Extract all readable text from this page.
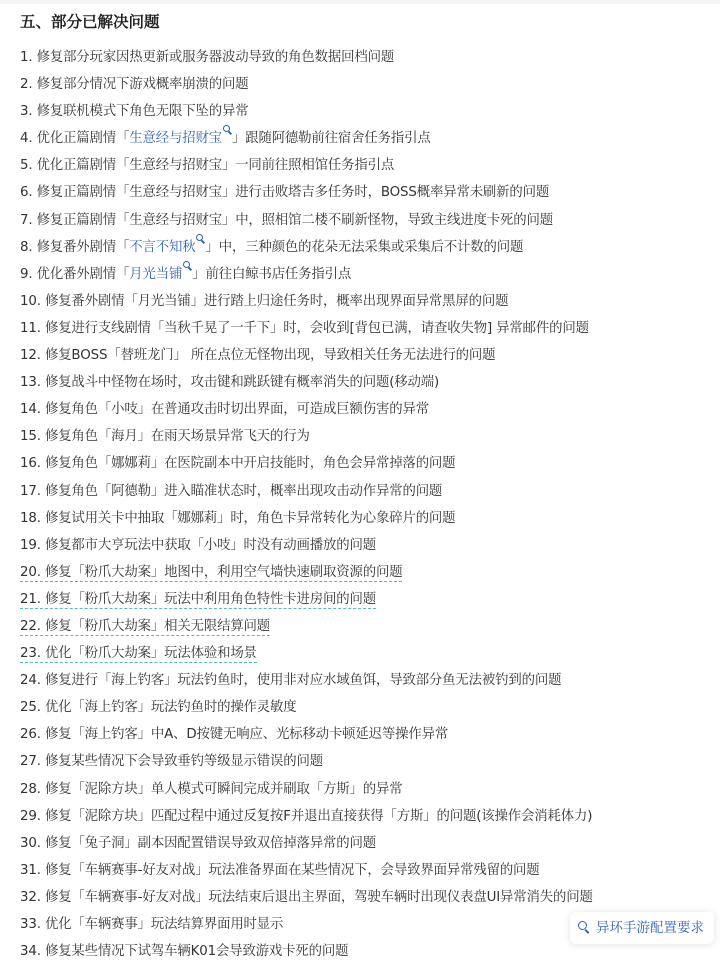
五、部分已解决问题
1. 修复部分玩家因热更新或服务器波动导致的角色数据回档问题
2. 修复部分情况下游戏概率崩溃的问题
3. 修复联机模式下角色无限下坠的异常
4. 优化正篇剧情「生意经与招财宝 」跟随阿德勒前往宿舍任务指引点
5. 优化正篇剧情「生意经与招财宝」一同前往照相馆任务指引点
6. 修复正篇剧情「生意经与招财宝」进行击败塔吉多任务时，BOSS概率异常未刷新的问题
7. 修复正篇剧情「生意经与招财宝」中，照相馆二楼不刷新怪物，导致主线进度卡死的问题
8. 修复番外剧情「不言不知秋 」中，三种颜色的花朵无法采集或采集后不计数的问题
9. 优化番外剧情「月光当铺 」前往白鲸书店任务指引点
10. 修复番外剧情「月光当铺」进行踏上归途任务时，概率出现界面异常黑屏的问题
11. 修复进行支线剧情「当秋千晃了一千下」时，会收到[背包已满，请查收失物] 异常邮件的问题
12. 修复BOSS「替班龙门」 所在点位无怪物出现，导致相关任务无法进行的问题
13. 修复战斗中怪物在场时，攻击键和跳跃键有概率消失的问题(移动端)
14. 修复角色「小吱」在普通攻击时切出界面，可造成巨额伤害的异常
15. 修复角色「海月」在雨天场景异常飞天的行为
16. 修复角色「娜娜莉」在医院副本中开启技能时，角色会异常掉落的问题
17. 修复角色「阿德勒」进入瞄准状态时，概率出现攻击动作异常的问题
18. 修复试用关卡中抽取「娜娜莉」时，角色卡异常转化为心象碎片的问题
19. 修复都市大亨玩法中获取「小吱」时没有动画播放的问题
20. 修复「粉爪大劫案」地图中，利用空气墙快速刷取资源的问题
21. 修复「粉爪大劫案」玩法中利用角色特性卡进房间的问题
22. 修复「粉爪大劫案」相关无限结算问题
23. 优化「粉爪大劫案」玩法体验和场景
24. 修复进行「海上钓客」玩法钓鱼时，使用非对应水域鱼饵，导致部分鱼无法被钓到的问题
25. 优化「海上钓客」玩法钓鱼时的操作灵敏度
26. 修复「海上钓客」中A、D按键无响应、光标移动卡顿延迟等操作异常
27. 修复某些情况下会导致垂钓等级显示错误的问题
28. 修复「泥除方块」单人模式可瞬间完成并刷取「方斯」的异常
29. 修复「泥除方块」匹配过程中通过反复按F并退出直接获得「方斯」的问题(该操作会消耗体力)
30. 修复「兔子洞」副本因配置错误导致双倍掉落异常的问题
31. 修复「车辆赛事-好友对战」玩法准备界面在某些情况下，会导致界面异常残留的问题
32. 修复「车辆赛事-好友对战」玩法结束后退出主界面，驾驶车辆时出现仪表盘UI异常消失的问题
33. 优化「车辆赛事」玩法结算界面用时显示
34. 修复某些情况下试驾车辆K01会导致游戏卡死的问题
异环手游配置要求
